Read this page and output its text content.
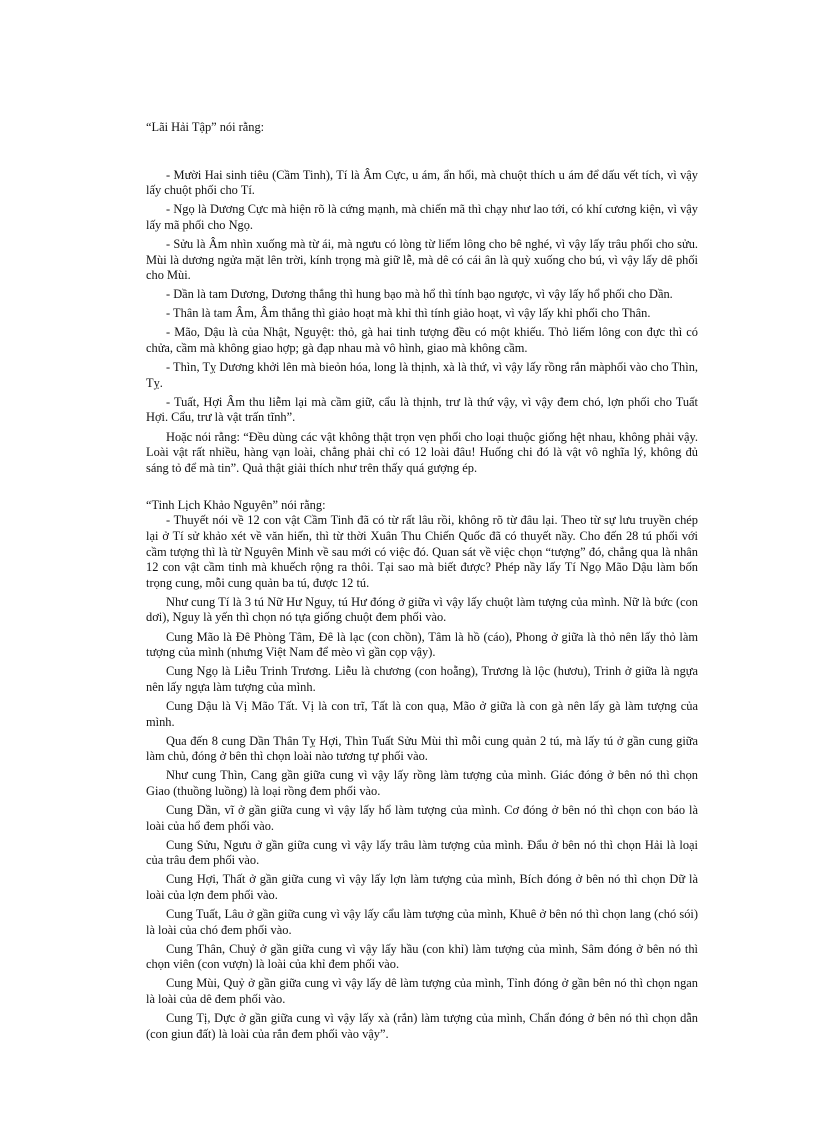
“Lãi Hải Tập” nói rằng:

- Mười Hai sinh tiêu (Cầm Tinh), Tí là Âm Cực, u ám, ẩn hối, mà chuột thích u ám để dấu vết tích, vì vậy lấy chuột phối cho Tí.

- Ngọ là Dương Cực mà hiện rõ là cứng mạnh, mà chiến mã thì chạy như lao tới, có khí cương kiện, vì vậy lấy mã phối cho Ngọ.

- Sửu là Âm nhìn xuống mà từ ái, mà ngưu có lòng từ liếm lông cho bê nghé, vì vậy lấy trâu phối cho sửu. Mùi là dương ngửa mặt lên trời, kính trọng mà giữ lễ, mà dê có cái ân là quỳ xuống cho bú, vì vậy lấy dê phối cho Mùi.

- Dần là tam Dương, Dương thắng thì hung bạo mà hổ thì tính bạo ngược, vì vậy lấy hổ phối cho Dần.

- Thân là tam Âm, Âm thắng thì giảo hoạt mà khỉ thì tính giảo hoạt, vì vậy lấy khỉ phối cho Thân.

- Mão, Dậu là của Nhật, Nguyệt: thỏ, gà hai tinh tượng đều có một khiếu. Thỏ liếm lông con đực thì có chửa, cầm mà không giao hợp; gà đạp nhau mà vô hình, giao mà không cầm.

- Thìn, Tỵ Dương khởi lên mà bieỏn hóa, long là thịnh, xà là thứ, vì vậy lấy rồng rắn màphối vào cho Thìn, Tỵ.

- Tuất, Hợi Âm thu liễm lại mà cầm giữ, cẩu là thịnh, trư là thứ vậy, vì vậy đem chó, lợn phối cho Tuất Hợi. Cẩu, trư là vật trấn tĩnh”.

Hoặc nói rằng: “Đều dùng các vật không thật trọn vẹn phối cho loại thuộc giống hệt nhau, không phải vậy. Loài vật rất nhiều, hàng vạn loài, chẳng phải chỉ có 12 loài đâu! Huống chi đó là vật vô nghĩa lý, không đủ sáng tỏ để mà tin”. Quả thật giải thích như trên thấy quá gượng ép.

“Tinh Lịch Khảo Nguyên” nói rằng:

- Thuyết nói về 12 con vật Cầm Tinh đã có từ rất lâu rồi, không rõ từ đâu lại. Theo từ sự lưu truyền chép lại ở Tí sử khảo xét về văn hiến, thì từ thời Xuân Thu Chiến Quốc đã có thuyết nầy. Cho đến 28 tú phối với cầm tượng thì là từ Nguyên Minh về sau mới có việc đó. Quan sát về việc chọn “tượng” đó, chẳng qua là nhân 12 con vật cầm tinh mà khuếch rộng ra thôi. Tại sao mà biết được? Phép nầy lấy Tí Ngọ Mão Dậu làm bốn trọng cung, mỗi cung quản ba tú, được 12 tú.

Như cung Tí là 3 tú Nữ Hư Nguy, tú Hư đóng ở giữa vì vậy lấy chuột làm tượng của mình. Nữ là bức (con dơi), Nguy là yến thì chọn nó tựa giống chuột đem phối vào.

Cung Mão là Đê Phòng Tâm, Đê là lạc (con chồn), Tâm là hồ (cáo), Phong ở giữa là thỏ nên lấy thỏ làm tượng của mình (nhưng Việt Nam để mèo vì gần cọp vậy).

Cung Ngọ là Liễu Trinh Trương. Liễu là chương (con hoẵng), Trương là lộc (hươu), Trinh ở giữa là ngựa nên lấy ngựa làm tượng của mình.

Cung Dậu là Vị Mão Tất. Vị là con trĩ, Tất là con quạ, Mão ở giữa là con gà nên lấy gà làm tượng của mình.

Qua đến 8 cung Dần Thân Tỵ Hợi, Thìn Tuất Sửu Mùi thì mỗi cung quản 2 tú, mà lấy tú ở gần cung giữa làm chủ, đóng ở bên thì chọn loài nào tương tự phối vào.

Như cung Thìn, Cang gần giữa cung vì vậy lấy rồng làm tượng của mình. Giác đóng ở bên nó thì chọn Giao (thuồng luồng) là loại rồng đem phối vào.

Cung Dần, vĩ ở gần giữa cung vì vậy lấy hổ làm tượng của mình. Cơ đóng ở bên nó thì chọn con báo là loài của hổ đem phối vào.

Cung Sửu, Ngưu ở gần giữa cung vì vậy lấy trâu làm tượng của mình. Đẩu ở bên nó thì chọn Hải là loại của trâu đem phối vào.

Cung Hợi, Thất ở gần giữa cung vì vậy lấy lợn làm tượng của mình, Bích đóng ở bên nó thì chọn Dữ là loài của lợn đem phối vào.

Cung Tuất, Lâu ở gần giữa cung vì vậy lấy cẩu làm tượng của mình, Khuê ở bên nó thì chọn lang (chó sói) là loài của chó đem phối vào.

Cung Thân, Chuỷ ở gần giữa cung vì vậy lấy hầu (con khỉ) làm tượng của mình, Sâm đóng ở bên nó thì chọn viên (con vượn) là loài của khỉ đem phối vào.

Cung Mùi, Quỷ ở gần giữa cung vì vậy lấy dê làm tượng của mình, Tỉnh đóng ở gần bên nó thì chọn ngan là loài của dê đem phối vào.

Cung Tị, Dực ở gần giữa cung vì vậy lấy xà (rắn) làm tượng của mình, Chẩn đóng ở bên nó thì chọn dẫn (con giun đất) là loài của rắn đem phối vào vậy”.
